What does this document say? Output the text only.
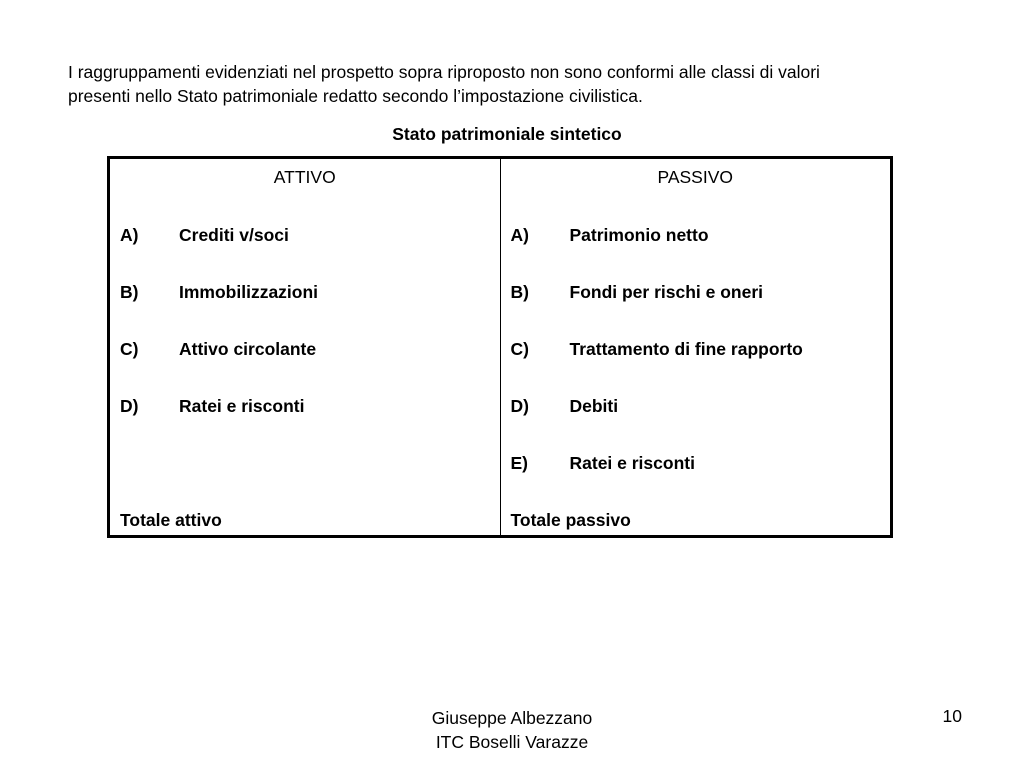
I raggruppamenti evidenziati nel prospetto sopra riproposto non sono conformi alle classi di valori
presenti nello Stato patrimoniale redatto secondo l’impostazione civilistica.

Stato patrimoniale sintetico
ATTIVO
A) Crediti v/soci
B) Immobilizzazioni
C) Attivo circolante
D) Ratei e risconti
Totale attivo
PASSIVO
A) Patrimonio netto
B) Fondi per rischi e oneri
C) Trattamento di fine rapporto
D) Debiti
E) Ratei e risconti
Totale passivo
Giuseppe Albezzano
ITC Boselli Varazze
10
